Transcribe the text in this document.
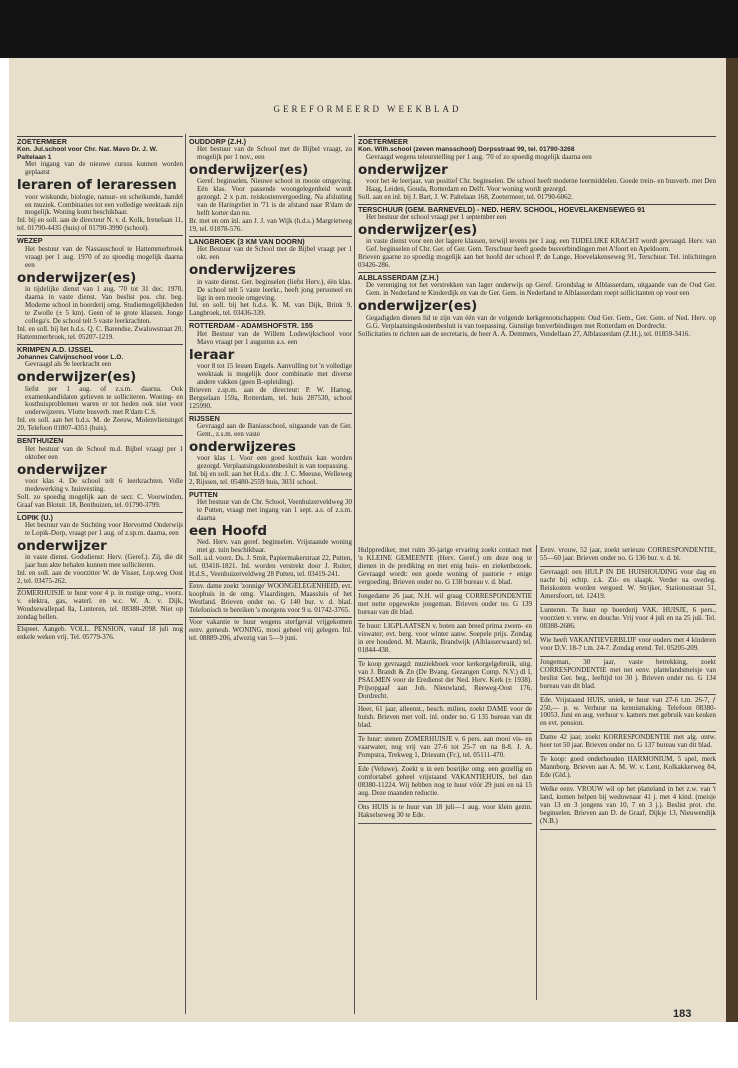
GEREFORMEERD WEEKBLAD
ZOETERMEER
Kon. Jul.school voor Chr. Nat. Mavo Dr. J. W. Paltelaan 1
Met ingang van de nieuwe cursus kunnen worden geplaatst
leraren of leraressen
voor wiskunde, biologie, natuur- en scheikunde, handel en muziek. Combinaties tot een volledige weektaak zijn mogelijk. Woning komt beschikbaar.
Inl. bij en soll. aan de directeur N. v. d. Kolk, Irenelaan 11, tel. 01790-4435 (huis) of 01790-3990 (school).
WEZEP
Het bestuur van de Nassauschool te Hattemmerbroek vraagt per 1 aug. 1970 of zo spoedig mogelijk daarna een
onderwijzer(es)
in tijdelijke dienst van 1 aug. '70 tot 31 dec. 1970, daarna in vaste dienst. Van beslist pos. chr. beg. Moderne school in boerderij omg. Studiemogelijkheden te Zwolle (± 5 km). Geen of te grote klassen. Jonge collega's. De school telt 5 vaste leerkrachten.
Inl. en soll. bij het h.d.s. Q. C. Barendse, Zwaluwstraat 20, Hattemmerbroek, tel. 05207-1219.
KRIMPEN A.D. IJSSEL
Johannes Calvijnschool voor L.O.
Gevraagd als 9e leerkracht een
onderwijzer(es)
liefst per 1 aug. of z.s.m. daarna. Ook examenkandidaten gelieven te solliciteren. Woning- en kosthuisproblemen waren er tot heden ook niet voor onderwijzeres. Vlotte busverb. met R'dam C.S.
Inl. en soll. aan het h.d.s. M. de Zeeuw, Molenvlietsingel 20, Telefoon 01807-4351 (huis).
BENTHUIZEN
Het bestuur van de School m.d. Bijbel vraagt per 1 oktober een
onderwijzer
voor klas 4. De school telt 6 leerkrachten. Volle medewerking v. huisvesting.
Soll. zo spoedig mogelijk aan de secr. C. Voorwinden, Graaf van Blotstr. 18, Benthuizen, tel. 01790-3799.
LOPIK (U.)
Het bestuur van de Stichting voor Hervormd Onderwijs te Lopik-Dorp, vraagt per 1 aug. of z.sp.m. daarna, een
onderwijzer
in vaste dienst. Godsdienst: Herv. (Geref.). Zij, die dit jaar hun akte behalen kunnen mee solliciteren.
Inl. en soll. aan de voorzitter W. de Visser, Lop.weg Oost 2, tel. 03475-262.
ZOMERHUISJE te huur voor 4 p. in rustige omg., voorz. v. elektra, gas, waterl. en w.c. W. A. v. Dijk, Woudsewallepad 8a, Lunteren, tel. 08388-2098. Niet op zondag bellen.
Elspeet. Aangeb. VOLL. PENSION, vanaf 18 juli nog enkele weken vrij. Tel. 05779-376.
OUDDORP (Z.H.)
Het bestuur van de School met de Bijbel vraagt, zo mogelijk per 1 nov., een
onderwijzer(es)
Geref. beginselen. Nieuwe school in mooie omgeving. Eén klas. Voor passende woongelegenheid wordt gezorgd. 2 x p.m. reiskostenvergoeding. Na afsluiting van de Haringvliet in '71 is de afstand naar R'dam de helft korter dan nu.
Br. met en om inl. aan J. J. van Wijk (h.d.s.) Margrietweg 19, tel. 01878-576.
LANGBROEK (3 KM VAN DOORN)
Het Bestuur van de School met de Bijbel vraagt per 1 okt. een
onderwijzeres
in vaste dienst. Ger. beginselen (liefst Herv.), één klas. De school telt 5 vaste leerkr., heeft jong personeel en ligt in een mooie omgeving.
Inl. en soll. bij het h.d.s. K. M. van Dijk, Brink 9, Langbroek, tel. 03436-339.
ROTTERDAM - ADAMSHOFSTR. 155
Het Bestuur van de Willem Lodewijkschool voor Mavo vraagt per 1 augustus a.s. een
leraar
voor 8 tot 15 lessen Engels. Aanvulling tot 'n volledige weektaak is mogelijk door combinatie met diverse andere vakken (geen B-opleiding).
Brieven z.sp.m. aan de directeur: P. W. Hartog, Bergselaan 159a, Rotterdam, tel. huis 287530, school 125990.
RIJSSEN
Gevraagd aan de Baniasschool, uitgaande van de Ger. Gem., z.s.m. een vaste
onderwijzeres
voor klas 1. Voor een goed kosthuis kan worden gezorgd. Verplaatsingskostenbesluit is van toepassing.
Inl. bij en soll. aan het H.d.s. dhr. J. C. Meeuse, Welleweg 2, Rijssen, tel. 05480-2559 huis, 3031 school.
PUTTEN
Het bestuur van de Chr. School, Veenhuizerveldweg 30 te Putten, vraagt met ingang van 1 sept. a.s. of z.s.m. daarna
een Hoofd
Ned. Herv. van geref. beginselen. Vrijstaande woning met gr. tuin beschikbaar.
Soll. a.d. voorz. Ds. J. Smit, Papiermakerstraat 22, Putten, tel. 03418-1821. Inl. worden verstrekt door J. Ruiter, H.d.S., Veenhuizerveldweg 28 Putten, tel. 03419-241.
Eenv. dame zoekt 'zonnige' WOONGELEGENHEID, evt. koophuis in de omg. Vlaardingen, Maassluis of het Westland. Brieven onder no. G 140 bur. v. d. blad. Telefonisch te bereiken 's morgens voor 9 u. 01742-3765.
Voor vakantie te huur wegens sterfgeval vrijgekomen eenv. gemeub. WONING, mooi geheel vrij gelegen. Inl. tel. 08889-206, afwezig van 5—9 juni.
ZOETERMEER
Kon. Wilh.school (zeven mansschool) Dorpsstraat 99, tel. 01790-3268
Gevraagd wegens teleurstelling per 1 aug. '70 of zo spoedig mogelijk daarna een
onderwijzer
voor het 4e leerjaar, van positief Chr. beginselen. De school heeft moderne leermiddelen. Goede trein- en busverb. met Den Haag, Leiden, Gouda, Rotterdam en Delft. Voor woning wordt gezorgd.
Soll. aan en inl. bij J. Bart, J. W. Paltelaan 168, Zoetermeer, tel. 01790-6062.
TERSCHUUR (GEM. BARNEVELD) - NED. HERV. SCHOOL, HOEVELAKENSEWEG 91
Het bestuur der school vraagt per 1 september een
onderwijzer(es)
in vaste dienst voor een der lagere klassen, terwijl tevens per 1 aug. een TIJDELIJKE KRACHT wordt gevraagd. Herv. van Gef. beginselen of Chr. Ger. of Ger. Gem. Terschuur heeft goede busverbindingen met A'foort en Apeldoorn.
Brieven gaarne zo spoedig mogelijk aan het hoofd der school P. de Lange, Hoevelakenseweg 91, Terschuur. Tel. inlichtingen 03426-286.
ALBLASSERDAM (Z.H.)
De vereniging tot het verstrekken van lager onderwijs op Geref. Grondslag te Alblasserdam, uitgaande van de Oud Ger. Gem. in Nederland te Kinderdijk en van de Ger. Gem. in Nederland te Alblasserdam roept sollicitanten op voor een
onderwijzer(es)
Gegadigden dienen lid te zijn van één van de volgende kerkgenootschappen: Oud Ger. Gem., Ger. Gem. of Ned. Herv. op G.G. Verplaatsingskostenbesluit is van toepassing. Gunstige busverbindingen met Rotterdam en Dordrecht.
Sollicitaties te richten aan de secretaris, de heer A. A. Demmers, Vondellaan 27, Alblasserdam (Z.H.), tel. 01859-3416.
Hulpprediker, met ruim 30-jarige ervaring zoekt contact met 'n KLEINE GEMEENTE (Herv. Geref.) om deze nog te dienen in de prediking en met enig huis- en ziekenbezoek. Gevraagd wordt: een goede woning of pastorie + enige vergoeding. Brieven onder no. G 138 bureau v. d. blad.
Jongedame 26 jaar, N.H. wil graag CORRESPONDENTIE met nette opgewekte jongeman. Brieven onder no. G 139 bureau van dit blad.
Te huur: LIGPLAATSEN v. boten aan breed prima zwem- en viswater; evt. berg. voor winter aanw. Soepele prijs. Zondag in ere houdend. M. Maurik, Brandwijk (Alblasserwaard) tel. 01844-438.
Te koop gevraagd: muziekboek voor kerkorgelgebruik, uitg. van J. Brandt & Zn (De Bvang. Gezangen Comp. N.V.) dl I, PSALMEN voor de Eredienst der Ned. Herv. Kerk (± 1938). Prijsopgaaf aan Joh. Nieuwland, Reeweg-Oost 176, Dordrecht.
Heer, 61 jaar, alleenst., besch. milieu, zoekt DAME voor de huish. Brieven met voll. inl. onder no. G 135 bureau van dit blad.
Te huur: stenen ZOMERHUISJE v. 6 pers. aan mooi vis- en vaarwater, nog vrij van 27-6 tot 25-7 en na 8-8. J. A. Pompstra, Trekweg 1, Driesum (Fr.), tel. 05111-470.
Ede (Veluwe). Zoekt u in een bosrijke omg. een gezellig en comfortabel geheel vrijstaand VAKANTIEHUIS, bel dan 08380-11224. Wij hebben nog te huur vóór 29 juni en ná 15 aug. Deze maanden reductie.
Ons HUIS is te huur van 18 juli—1 aug. voor klein gezin. Hakselseweg 30 te Ede.
Eenv. vrouw, 52 jaar, zoekt serieuze CORRESPONDENTIE, 55—60 jaar. Brieven onder no. G 136 bur. v. d. bl.
Gevraagd: een HULP IN DE HUISHOUDING voor dag en nacht bij echtp. z.k. Zit- en slaapk. Verder na overleg. Reiskosten worden vergoed. W. Strijker, Stationsstraat 51, Amersfoort, tel. 12419.
Lunteren. Te huur op boerderij VAK. HUISJE, 6 pers., voorzien v. verw. en douche. Vrij voor 4 juli en na 25 juli. Tel. 08388-2686.
Wie heeft VAKANTIEVERBLIJF voor ouders met 4 kinderen voor D.V. 18-7 t.m. 24-7. Zondag erend. Tel. 05205-209.
Jongeman, 30 jaar, vaste betrekking, zoekt CORRESPONDENTIE met net eenv. plattelandsmeisje van beslist Ger. beg., leeftijd tot 30 j. Brieven onder no. G 134 bureau van dit blad.
Ede. Vrijstaand HUIS, uniek, te huur van 27-6 t.m. 26-7, ƒ 250,— p. w. Verhuur na kennismaking. Telefoon 08380-10053. Juni en aug. verhuur v. kamers met gebruik van keuken en evt. pension.
Dame 42 jaar, zoekt KORRESPONDENTIE met alg. ontw. heer tot 50 jaar. Brieven onder no. G 137 bureau van dit blad.
Te koop: goed onderhouden HARMONIUM, 5 spel, merk Mannborg. Brieven aan A. M. W. v. Lent, Kolkakkerweg 84, Ede (Gld.).
Welke eenv. VROUW wil op het platteland in het z.w. van 't land, komen helpen bij weduwnaar 41 j. met 4 kind. (meisje van 13 en 3 jongens van 10, 7 en 3 j.). Beslist prot. chr. beginselen. Brieven aan D. de Graaf, Dijkje 13, Nieuwendijk (N.B.)
183
